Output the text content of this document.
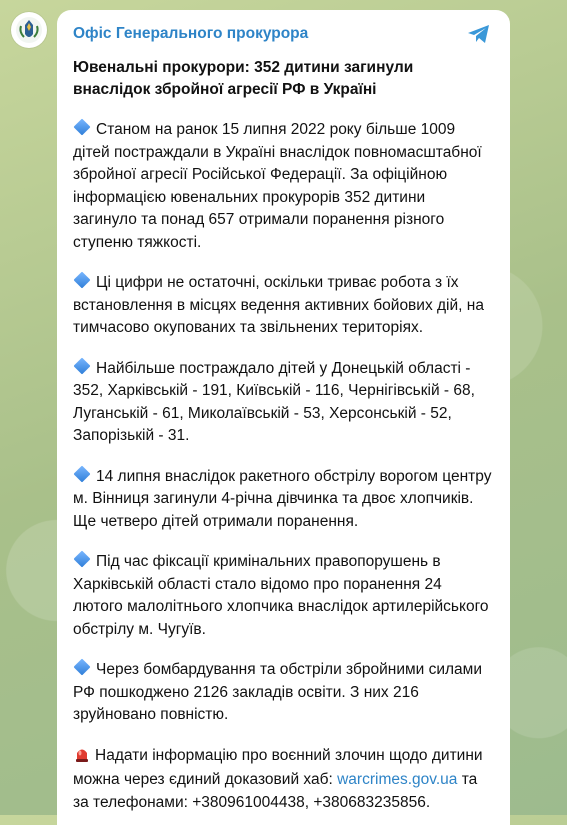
Офіс Генерального прокурора
Ювенальні прокурори: 352 дитини загинули внаслідок збройної агресії РФ в Україні
Станом на ранок 15 липня 2022 року більше 1009 дітей постраждали в Україні внаслідок повномасштабної збройної агресії Російської Федерації. За офіційною інформацією ювенальних прокурорів 352 дитини загинуло та понад 657 отримали поранення різного ступеню тяжкості.
Ці цифри не остаточні, оскільки триває робота з їх встановлення в місцях ведення активних бойових дій, на тимчасово окупованих та звільнених територіях.
Найбільше постраждало дітей у Донецькій області - 352, Харківській - 191, Київській - 116, Чернігівській - 68, Луганській - 61, Миколаївській - 53, Херсонській - 52, Запорізькій - 31.
14 липня внаслідок ракетного обстрілу ворогом центру м. Вінниця загинули 4-річна дівчинка та двоє хлопчиків. Ще четверо дітей отримали поранення.
Під час фіксації кримінальних правопорушень в Харківській області стало відомо про поранення 24 лютого малолітнього хлопчика внаслідок артилерійського обстрілу м. Чугуїв.
Через бомбардування та обстріли збройними силами РФ пошкоджено 2126 закладів освіти. З них 216 зруйновано повністю.
Надати інформацію про воєнний злочин щодо дитини можна через єдиний доказовий хаб: warcrimes.gov.ua та за телефонами: +380961004438, +380683235856.
